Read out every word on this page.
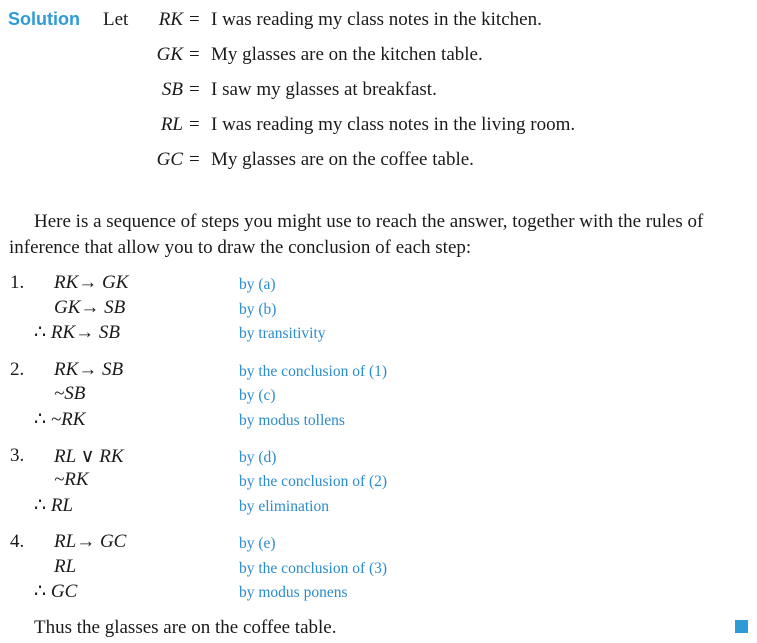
Solution Let	RK = I was reading my class notes in the kitchen.
GK = My glasses are on the kitchen table.
SB = I saw my glasses at breakfast.
RL = I was reading my class notes in the living room.
GC = My glasses are on the coffee table.
Here is a sequence of steps you might use to reach the answer, together with the rules of
inference that allow you to draw the conclusion of each step:
1. RK→ GK	by (a)
GK→ SB	by (b)
∴ RK→ SB	by transitivity
2. RK→ SB	by the conclusion of (1)
~SB	by (c)
∴ ~RK	by modus tollens
3. RL ∨ RK	by (d)
~RK	by the conclusion of (2)
∴ RL	by elimination
4. RL→ GC	by (e)
RL	by the conclusion of (3)
∴ GC	by modus ponens
Thus the glasses are on the coffee table.
